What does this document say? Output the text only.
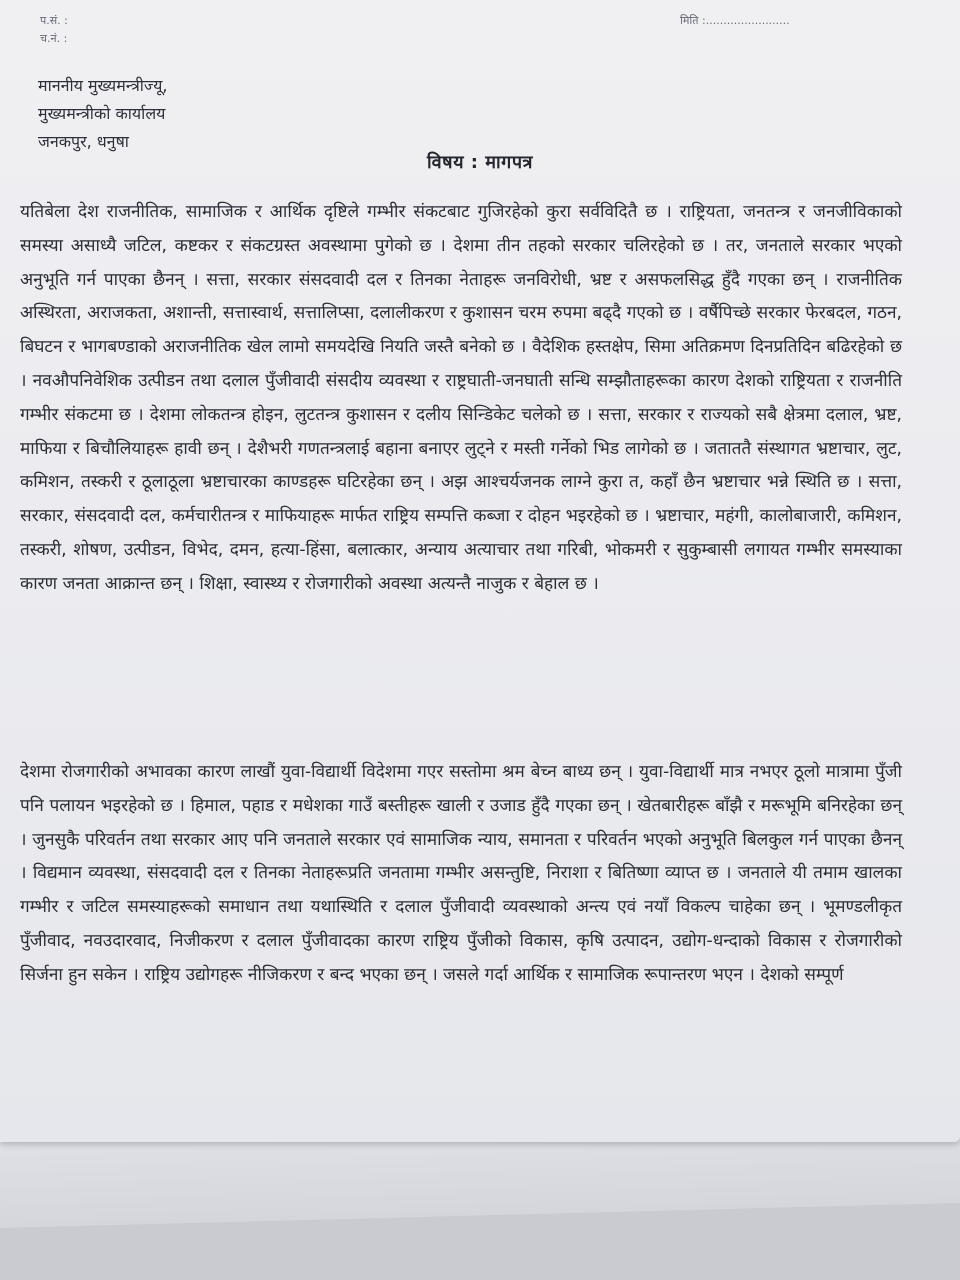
प.सं. :
च.नं. :
मिति :........................
माननीय मुख्यमन्त्रीज्यू,
मुख्यमन्त्रीको कार्यालय
जनकपुर, धनुषा
विषय : मागपत्र
यतिबेला देश राजनीतिक, सामाजिक र आर्थिक दृष्टिले गम्भीर संकटबाट गुजिरहेको कुरा सर्वविदितै छ । राष्ट्रियता, जनतन्त्र र जनजीविकाको समस्या असाध्यै जटिल, कष्टकर र संकटग्रस्त अवस्थामा पुगेको छ । देशमा तीन तहको सरकार चलिरहेको छ । तर, जनताले सरकार भएको अनुभूति गर्न पाएका छैनन् । सत्ता, सरकार संसदवादी दल र तिनका नेताहरू जनविरोधी, भ्रष्ट र असफलसिद्ध हुँदै गएका छन् । राजनीतिक अस्थिरता, अराजकता, अशान्ती, सत्तास्वार्थ, सत्तालिप्सा, दलालीकरण र कुशासन चरम रुपमा बढ्दै गएको छ । वर्षैपिच्छे सरकार फेरबदल, गठन, बिघटन र भागबण्डाको अराजनीतिक खेल लामो समयदेखि नियति जस्तै बनेको छ । वैदेशिक हस्तक्षेप, सिमा अतिक्रमण दिनप्रतिदिन बढिरहेको छ । नवऔपनिवेशिक उत्पीडन तथा दलाल पुँजीवादी संसदीय व्यवस्था र राष्ट्रघाती-जनघाती सन्धि सम्झौताहरूका कारण देशको राष्ट्रियता र राजनीति गम्भीर संकटमा छ । देशमा लोकतन्त्र होइन, लुटतन्त्र कुशासन र दलीय सिन्डिकेट चलेको छ । सत्ता, सरकार र राज्यको सबै क्षेत्रमा दलाल, भ्रष्ट, माफिया र बिचौलियाहरू हावी छन् । देशैभरी गणतन्त्रलाई बहाना बनाएर लुट्ने र मस्ती गर्नेको भिड लागेको छ । जताततै संस्थागत भ्रष्टाचार, लुट, कमिशन, तस्करी र ठूलाठूला भ्रष्टाचारका काण्डहरू घटिरहेका छन् । अझ आश्चर्यजनक लाग्ने कुरा त, कहाँ छैन भ्रष्टाचार भन्ने स्थिति छ । सत्ता, सरकार, संसदवादी दल, कर्मचारीतन्त्र र माफियाहरू मार्फत राष्ट्रिय सम्पत्ति कब्जा र दोहन भइरहेको छ । भ्रष्टाचार, महंगी, कालोबाजारी, कमिशन, तस्करी, शोषण, उत्पीडन, विभेद, दमन, हत्या-हिंसा, बलात्कार, अन्याय अत्याचार तथा गरिबी, भोकमरी र सुकुम्बासी लगायत गम्भीर समस्याका कारण जनता आक्रान्त छन् । शिक्षा, स्वास्थ्य र रोजगारीको अवस्था अत्यन्तै नाजुक र बेहाल छ ।
देशमा रोजगारीको अभावका कारण लाखौं युवा-विद्यार्थी विदेशमा गएर सस्तोमा श्रम बेच्न बाध्य छन् । युवा-विद्यार्थी मात्र नभएर ठूलो मात्रामा पुँजी पनि पलायन भइरहेको छ । हिमाल, पहाड र मधेशका गाउँ बस्तीहरू खाली र उजाड हुँदै गएका छन् । खेतबारीहरू बाँझै र मरूभूमि बनिरहेका छन् । जुनसुकै परिवर्तन तथा सरकार आए पनि जनताले सरकार एवं सामाजिक न्याय, समानता र परिवर्तन भएको अनुभूति बिलकुल गर्न पाएका छैनन् । विद्यमान व्यवस्था, संसदवादी दल र तिनका नेताहरूप्रति जनतामा गम्भीर असन्तुष्टि, निराशा र बितिष्णा व्याप्त छ । जनताले यी तमाम खालका गम्भीर र जटिल समस्याहरूको समाधान तथा यथास्थिति र दलाल पुँजीवादी व्यवस्थाको अन्त्य एवं नयाँ विकल्प चाहेका छन् । भूमण्डलीकृत पुँजीवाद, नवउदारवाद, निजीकरण र दलाल पुँजीवादका कारण राष्ट्रिय पुँजीको विकास, कृषि उत्पादन, उद्योग-धन्दाको विकास र रोजगारीको सिर्जना हुन सकेन । राष्ट्रिय उद्योगहरू नीजिकरण र बन्द भएका छन् । जसले गर्दा आर्थिक र सामाजिक रूपान्तरण भएन । देशको सम्पूर्ण
